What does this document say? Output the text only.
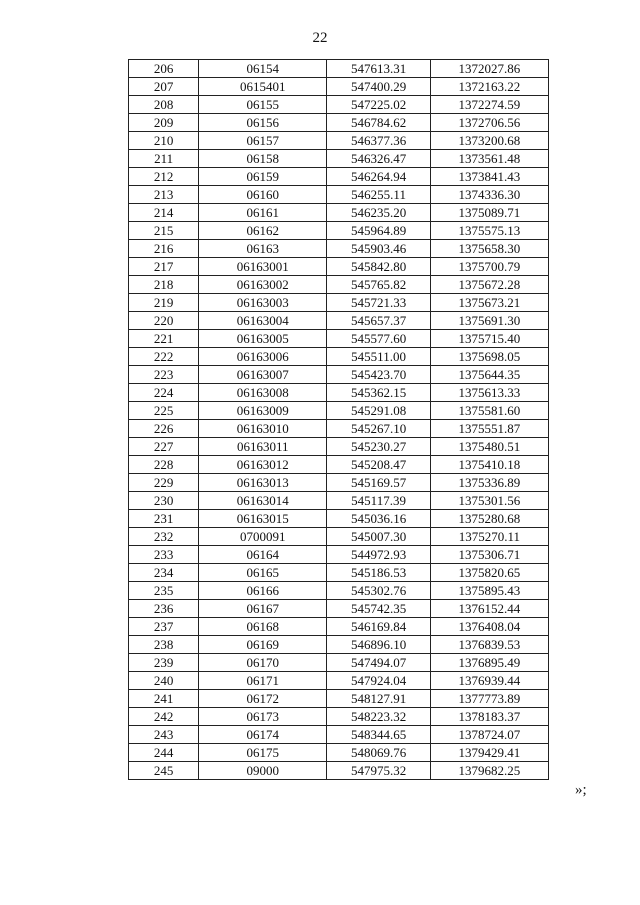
22
206	06154	547613.31	1372027.86
207	0615401	547400.29	1372163.22
208	06155	547225.02	1372274.59
209	06156	546784.62	1372706.56
210	06157	546377.36	1373200.68
211	06158	546326.47	1373561.48
212	06159	546264.94	1373841.43
213	06160	546255.11	1374336.30
214	06161	546235.20	1375089.71
215	06162	545964.89	1375575.13
216	06163	545903.46	1375658.30
217	06163001	545842.80	1375700.79
218	06163002	545765.82	1375672.28
219	06163003	545721.33	1375673.21
220	06163004	545657.37	1375691.30
221	06163005	545577.60	1375715.40
222	06163006	545511.00	1375698.05
223	06163007	545423.70	1375644.35
224	06163008	545362.15	1375613.33
225	06163009	545291.08	1375581.60
226	06163010	545267.10	1375551.87
227	06163011	545230.27	1375480.51
228	06163012	545208.47	1375410.18
229	06163013	545169.57	1375336.89
230	06163014	545117.39	1375301.56
231	06163015	545036.16	1375280.68
232	0700091	545007.30	1375270.11
233	06164	544972.93	1375306.71
234	06165	545186.53	1375820.65
235	06166	545302.76	1375895.43
236	06167	545742.35	1376152.44
237	06168	546169.84	1376408.04
238	06169	546896.10	1376839.53
239	06170	547494.07	1376895.49
240	06171	547924.04	1376939.44
241	06172	548127.91	1377773.89
242	06173	548223.32	1378183.37
243	06174	548344.65	1378724.07
244	06175	548069.76	1379429.41
245	09000	547975.32	1379682.25
»;
